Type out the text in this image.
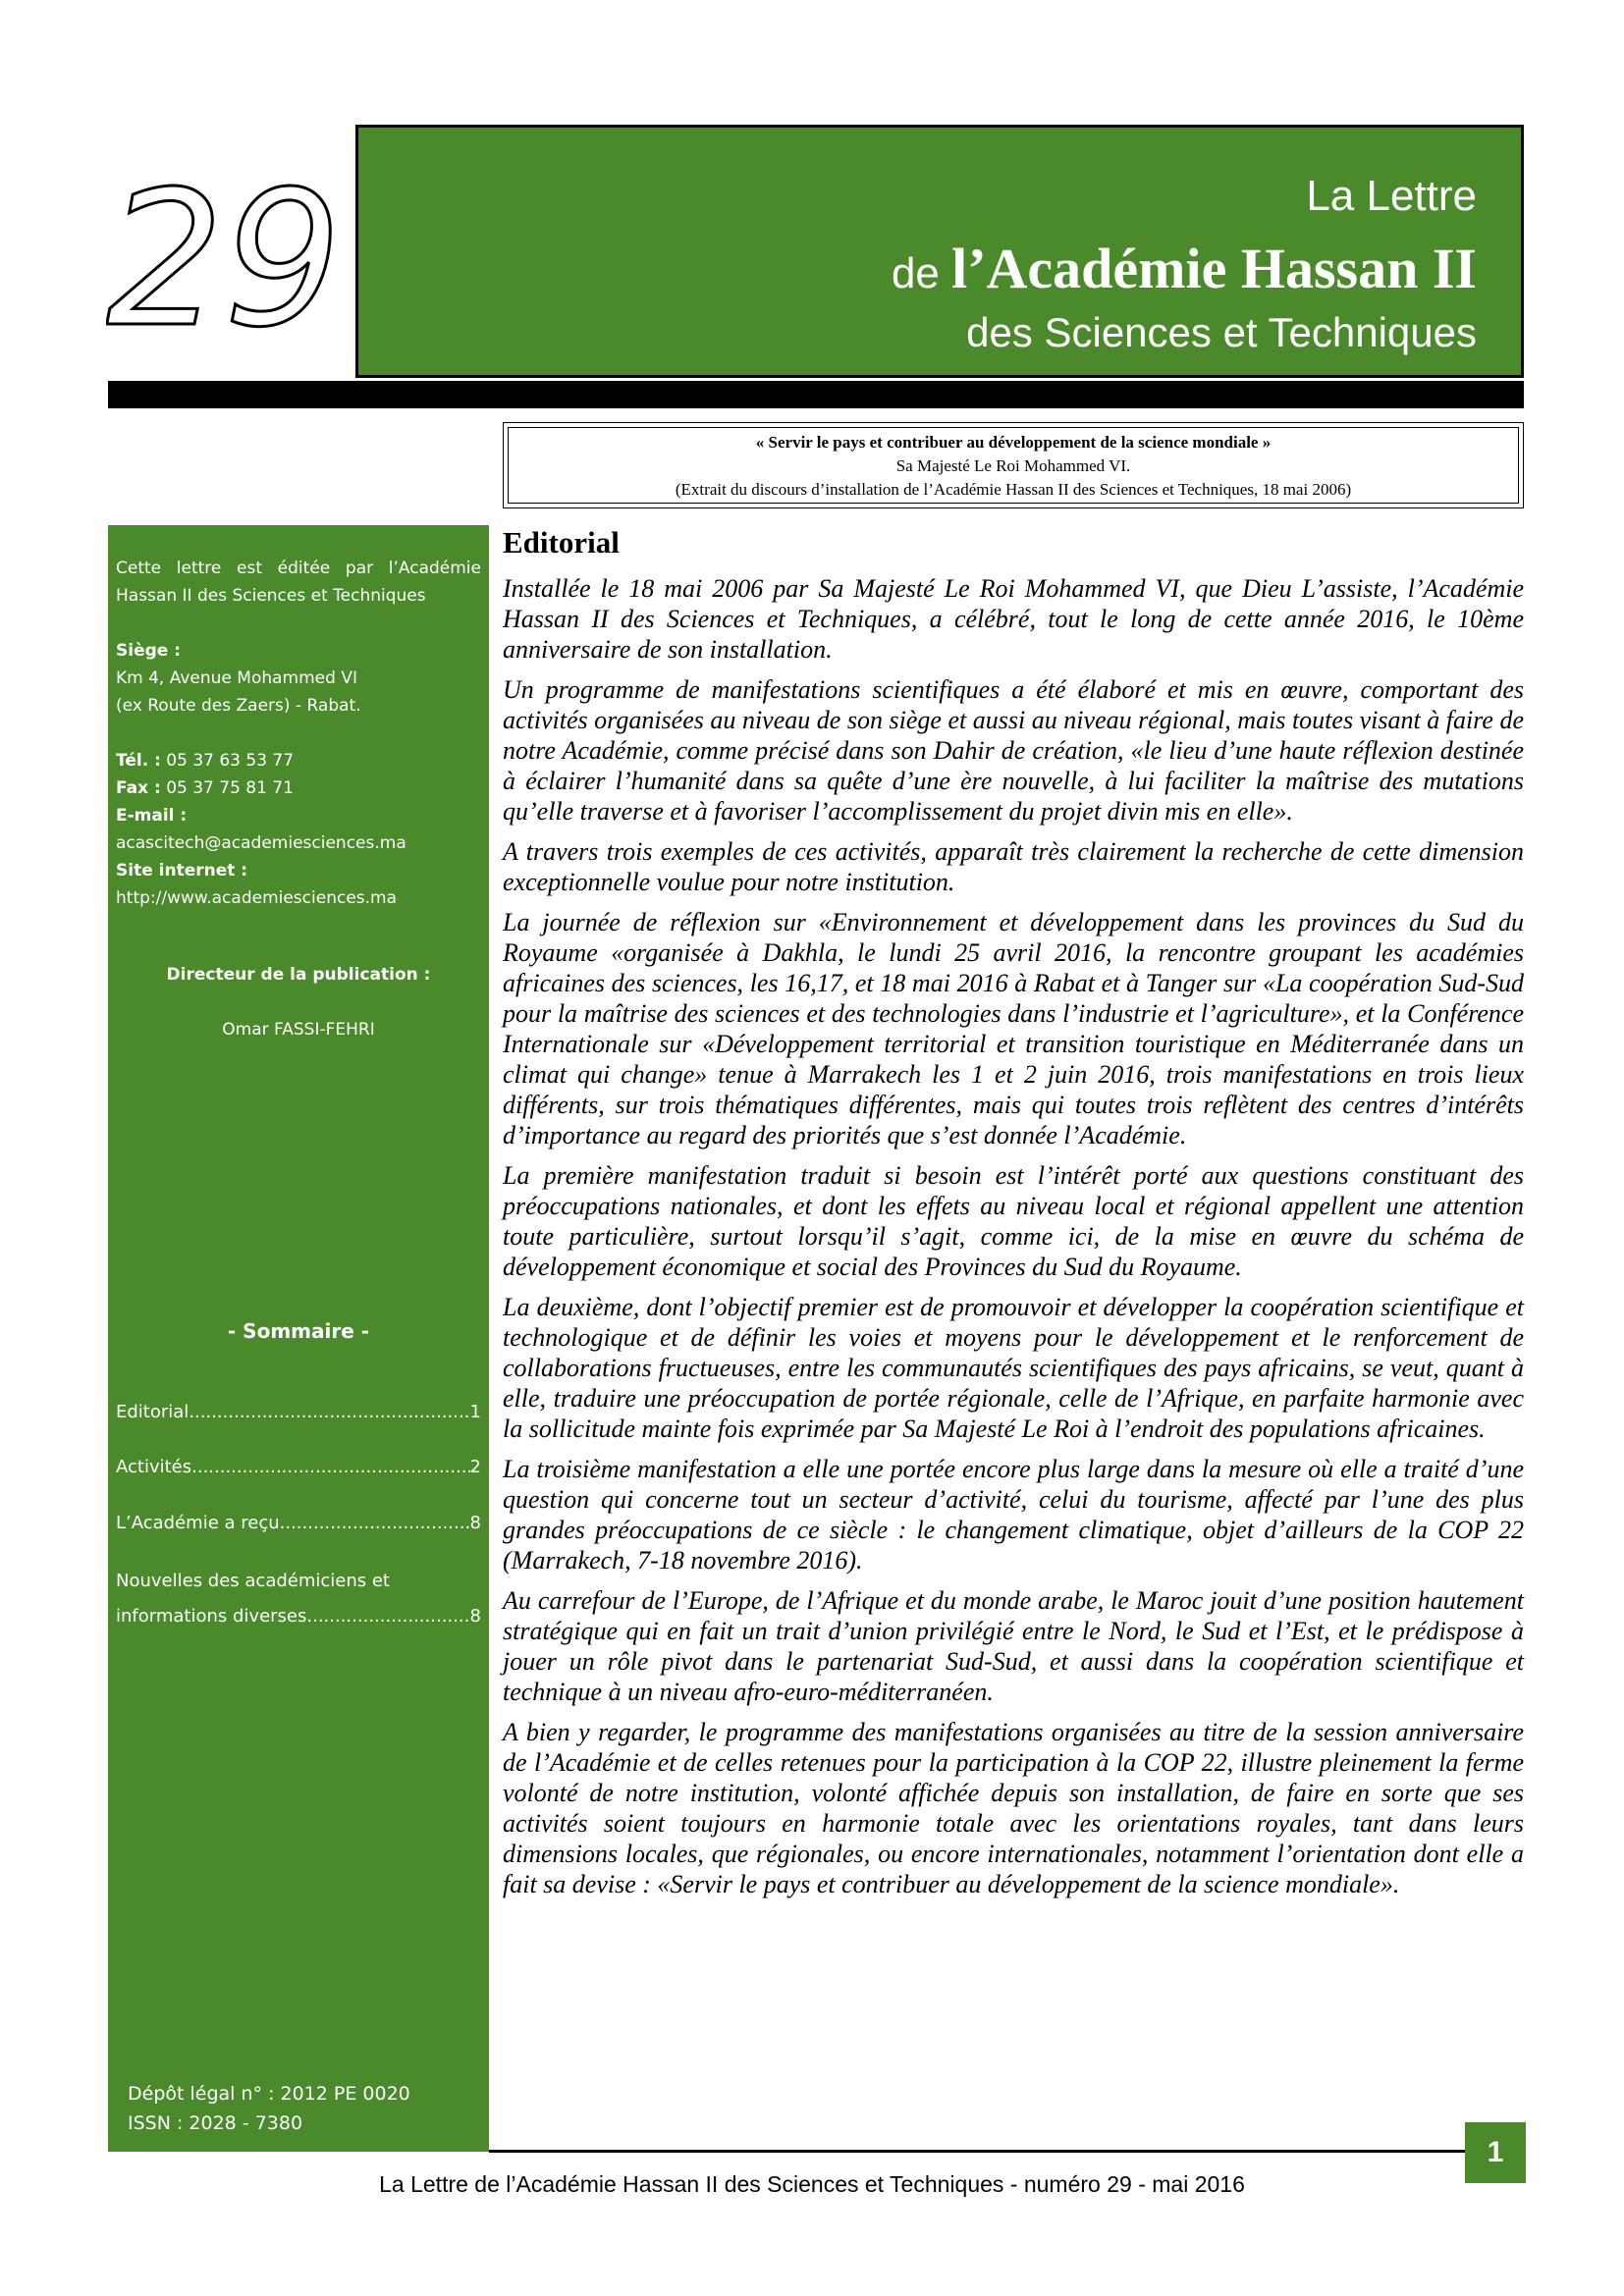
29	La Lettre
de l’Académie Hassan II
des Sciences et Techniques
« Servir le pays et contribuer au développement de la science mondiale »
Sa Majesté Le Roi Mohammed VI.
(Extrait du discours d’installation de l’Académie Hassan II des Sciences et Techniques, 18 mai 2006)
Cette lettre est éditée par l’Académie Hassan II des Sciences et Techniques
Siège :
Km 4, Avenue Mohammed VI
(ex Route des Zaers) - Rabat.
Tél. : 05 37 63 53 77
Fax : 05 37 75 81 71
E-mail :
acascitech@academiesciences.ma
Site internet :
http://www.academiesciences.ma
Directeur de la publication :
Omar FASSI-FEHRI
- Sommaire -
Editorial .....	1
Activités .....	2
L’Académie a reçu .....	8
Nouvelles des académiciens et
informations diverses .....	8
Dépôt légal n° : 2012 PE 0020
ISSN : 2028 - 7380
Editorial

Installée le 18 mai 2006 par Sa Majesté Le Roi Mohammed VI, que Dieu L’assiste, l’Académie Hassan II des Sciences et Techniques, a célébré, tout le long de cette année 2016, le 10ème anniversaire de son installation.

Un programme de manifestations scientifiques a été élaboré et mis en œuvre, comportant des activités organisées au niveau de son siège et aussi au niveau régional, mais toutes visant à faire de notre Académie, comme précisé dans son Dahir de création, «le lieu d’une haute réflexion destinée à éclairer l’humanité dans sa quête d’une ère nouvelle, à lui faciliter la maîtrise des mutations qu’elle traverse et à favoriser l’accomplissement du projet divin mis en elle».

A travers trois exemples de ces activités, apparaît très clairement la recherche de cette dimension exceptionnelle voulue pour notre institution.

La journée de réflexion sur «Environnement et développement dans les provinces du Sud du Royaume «organisée à Dakhla, le lundi 25 avril 2016, la rencontre groupant les académies africaines des sciences, les 16,17, et 18 mai 2016 à Rabat et à Tanger sur «La coopération Sud-Sud pour la maîtrise des sciences et des technologies dans l’industrie et l’agriculture», et la Conférence Internationale sur «Développement territorial et transition touristique en Méditerranée dans un climat qui change» tenue à Marrakech les 1 et 2 juin 2016, trois manifestations en trois lieux différents, sur trois thématiques différentes, mais qui toutes trois reflètent des centres d’intérêts d’importance au regard des priorités que s’est donnée l’Académie.

La première manifestation traduit si besoin est l’intérêt porté aux questions constituant des préoccupations nationales, et dont les effets au niveau local et régional appellent une attention toute particulière, surtout lorsqu’il s’agit, comme ici, de la mise en œuvre du schéma de développement économique et social des Provinces du Sud du Royaume.

La deuxième, dont l’objectif premier est de promouvoir et développer la coopération scientifique et technologique et de définir les voies et moyens pour le développement et le renforcement de collaborations fructueuses, entre les communautés scientifiques des pays africains, se veut, quant à elle, traduire une préoccupation de portée régionale, celle de l’Afrique, en parfaite harmonie avec la sollicitude mainte fois exprimée par Sa Majesté Le Roi à l’endroit des populations africaines.

La troisième manifestation a elle une portée encore plus large dans la mesure où elle a traité d’une question qui concerne tout un secteur d’activité, celui du tourisme, affecté par l’une des plus grandes préoccupations de ce siècle : le changement climatique, objet d’ailleurs de la COP 22 (Marrakech, 7-18 novembre 2016).

Au carrefour de l’Europe, de l’Afrique et du monde arabe, le Maroc jouit d’une position hautement stratégique qui en fait un trait d’union privilégié entre le Nord, le Sud et l’Est, et le prédispose à jouer un rôle pivot dans le partenariat Sud-Sud, et aussi dans la coopération scientifique et technique à un niveau afro-euro-méditerranéen.

A bien y regarder, le programme des manifestations organisées au titre de la session anniversaire de l’Académie et de celles retenues pour la participation à la COP 22, illustre pleinement la ferme volonté de notre institution, volonté affichée depuis son installation, de faire en sorte que ses activités soient toujours en harmonie totale avec les orientations royales, tant dans leurs dimensions locales, que régionales, ou encore internationales, notamment l’orientation dont elle a fait sa devise : «Servir le pays et contribuer au développement de la science mondiale».

1
La Lettre de l’Académie Hassan II des Sciences et Techniques - numéro 29 - mai 2016
